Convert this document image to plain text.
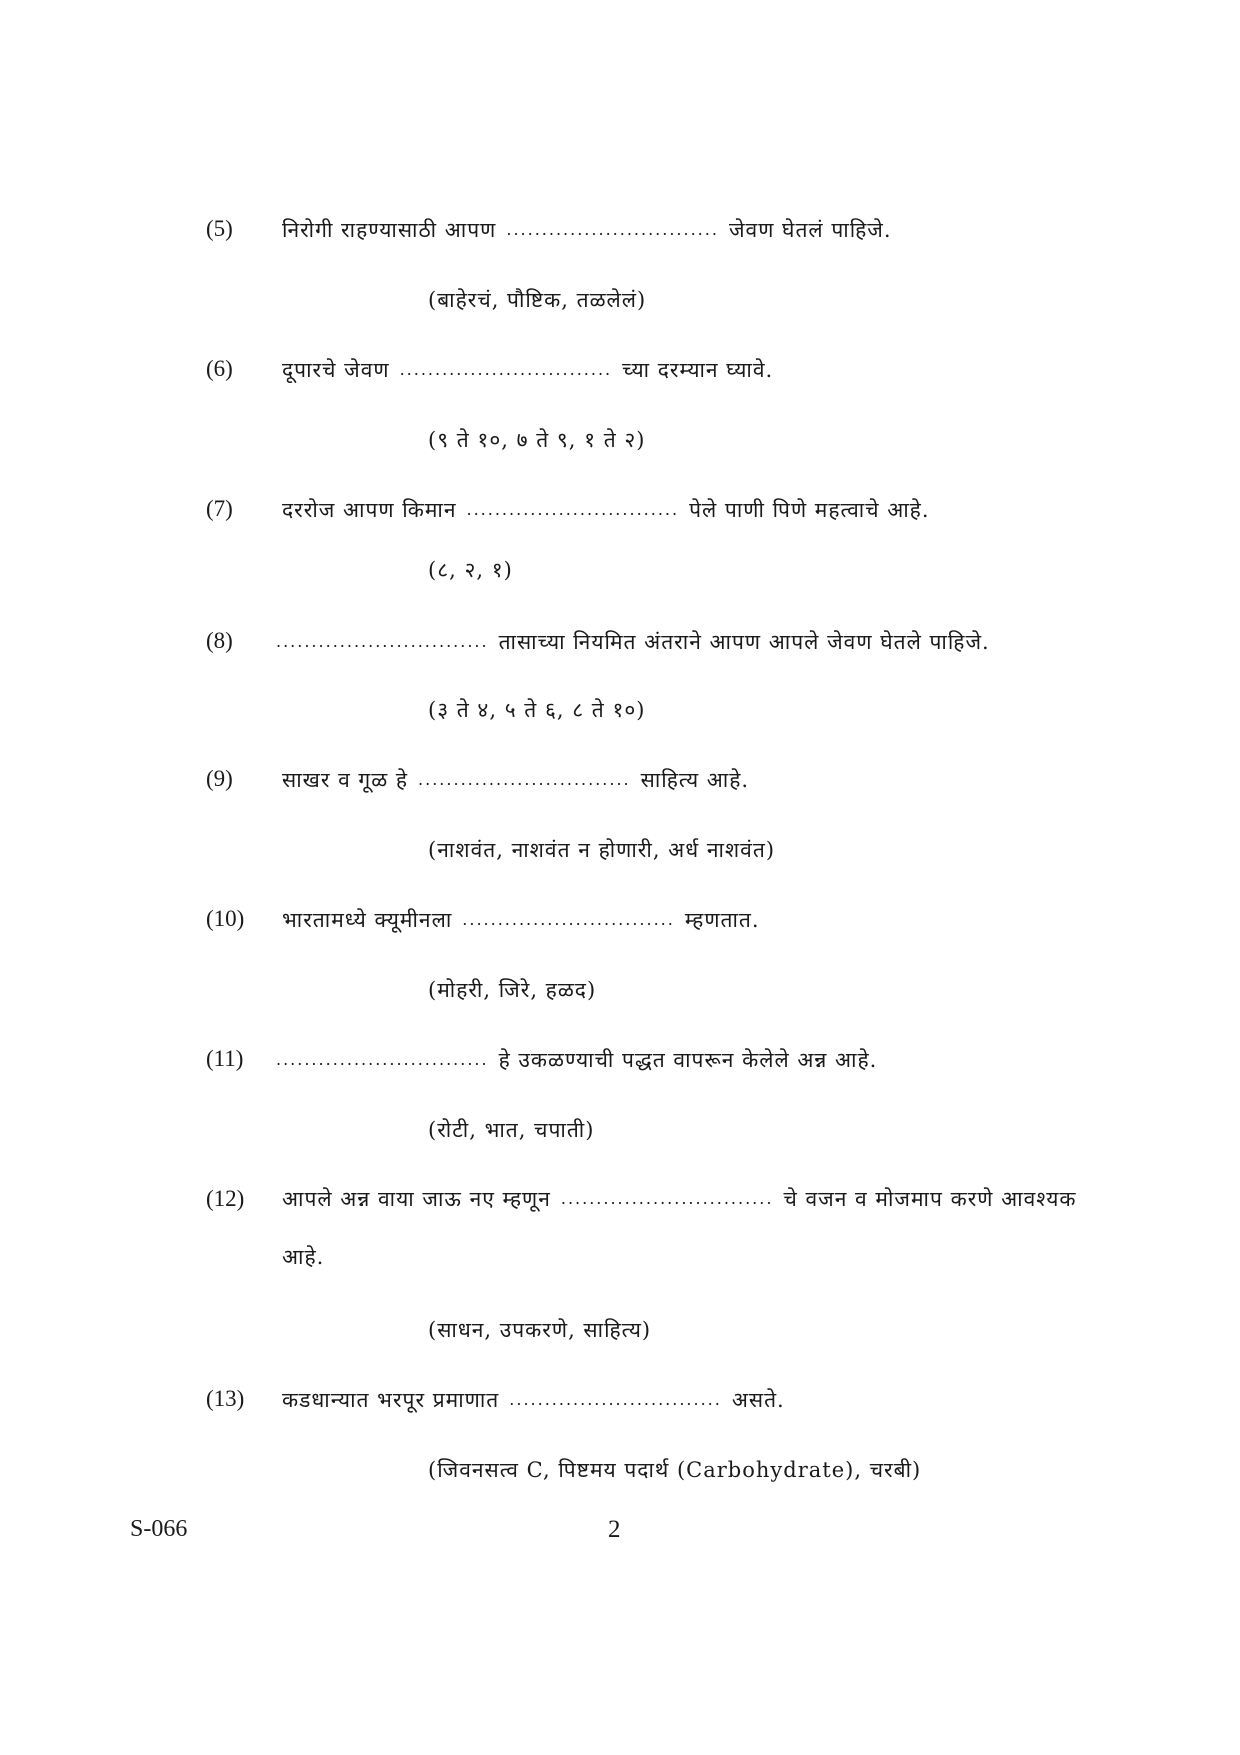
(5) निरोगी राहण्यासाठी आपण .............................. जेवण घेतलं पाहिजे.
(बाहेरचं, पौष्टिक, तळलेलं)
(6) दूपारचे जेवण .............................. च्या दरम्यान घ्यावे.
(९ ते १०, ७ ते ९, १ ते २)
(7) दररोज आपण किमान .............................. पेले पाणी पिणे महत्वाचे आहे.
(८, २, १)
(8)	.............................. तासाच्या नियमित अंतराने आपण आपले जेवण घेतले पाहिजे.
(३ ते ४, ५ ते ६, ८ ते १०)
(9) साखर व गूळ हे .............................. साहित्य आहे.
(नाशवंत, नाशवंत न होणारी, अर्ध नाशवंत)
(10) भारतामध्ये क्यूमीनला .............................. म्हणतात.
(मोहरी, जिरे, हळद)
(11) .............................. हे उकळण्याची पद्धत वापरून केलेले अन्न आहे.
(रोटी, भात, चपाती)
(12) आपले अन्न वाया जाऊ नए म्हणून .............................. चे वजन व मोजमाप करणे आवश्यक आहे.
(साधन, उपकरणे, साहित्य)
(13) कडधान्यात भरपूर प्रमाणात .............................. असते.
(जिवनसत्व C, पिष्टमय पदार्थ (Carbohydrate), चरबी)
S-066	2
